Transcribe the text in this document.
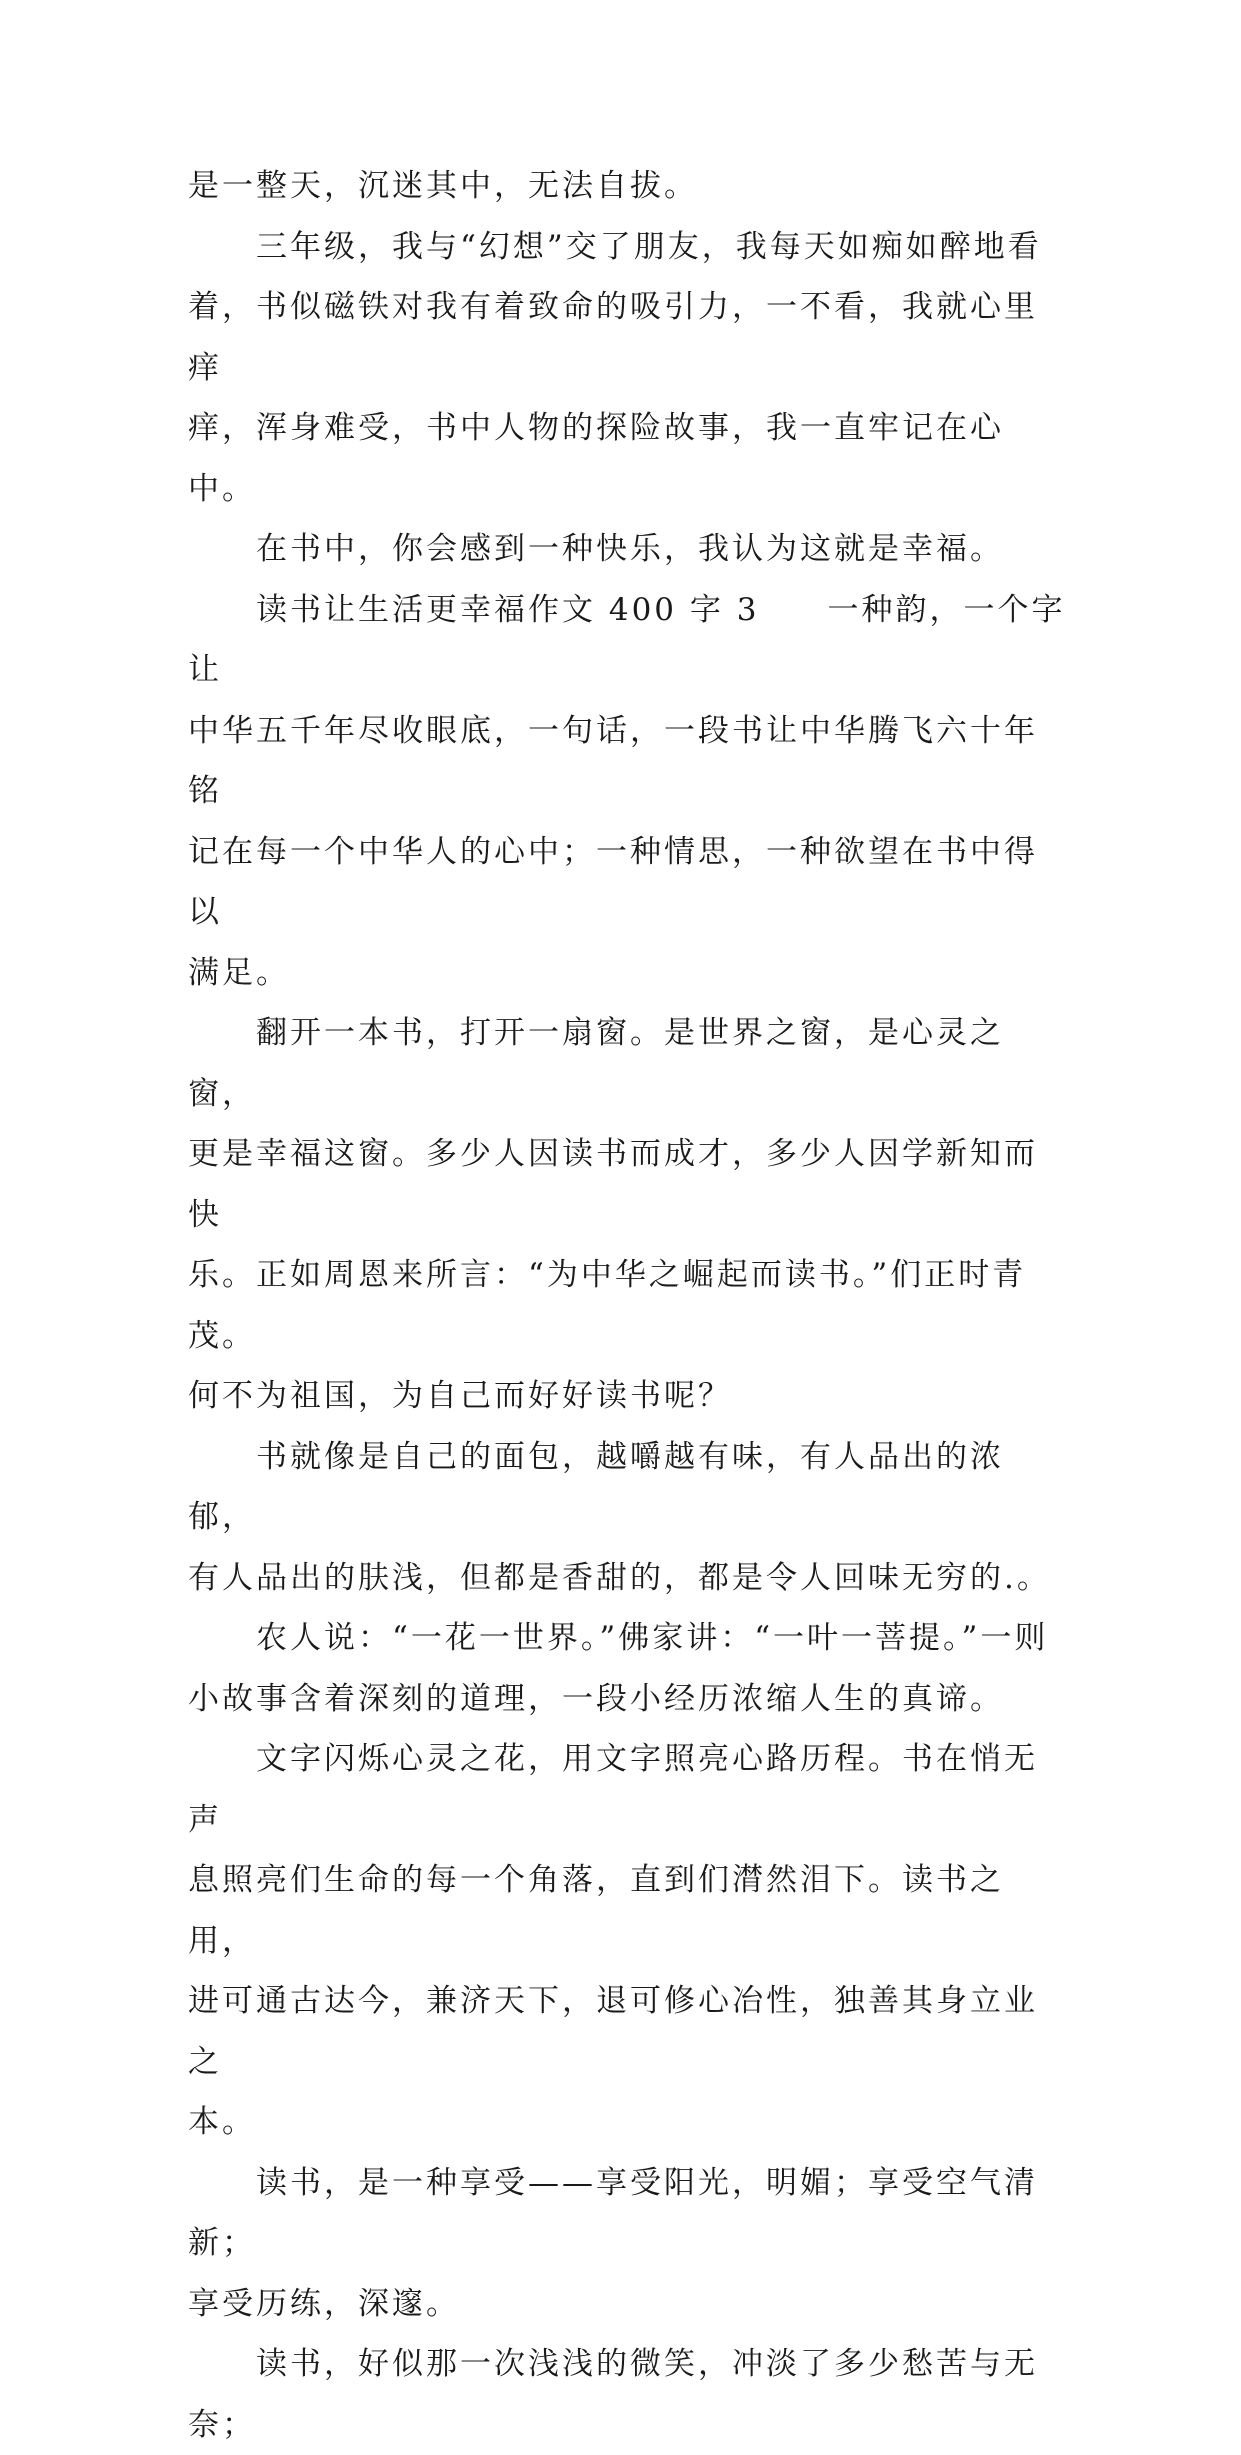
是一整天，沉迷其中，无法自拔。

　　三年级，我与“幻想”交了朋友，我每天如痴如醉地看
着，书似磁铁对我有着致命的吸引力，一不看，我就心里痒
痒，浑身难受，书中人物的探险故事，我一直牢记在心中。

　　在书中，你会感到一种快乐，我认为这就是幸福。

　　读书让生活更幸福作文 400 字 3　　一种韵，一个字让
中华五千年尽收眼底，一句话，一段书让中华腾飞六十年铭
记在每一个中华人的心中；一种情思，一种欲望在书中得以
满足。

　　翻开一本书，打开一扇窗。是世界之窗，是心灵之窗，
更是幸福这窗。多少人因读书而成才，多少人因学新知而快
乐。正如周恩来所言：“为中华之崛起而读书。”们正时青茂。
何不为祖国，为自己而好好读书呢？

　　书就像是自己的面包，越嚼越有味，有人品出的浓郁，
有人品出的肤浅，但都是香甜的，都是令人回味无穷的.。

　　农人说：“一花一世界。”佛家讲：“一叶一菩提。”一则
小故事含着深刻的道理，一段小经历浓缩人生的真谛。

　　文字闪烁心灵之花，用文字照亮心路历程。书在悄无声
息照亮们生命的每一个角落，直到们潸然泪下。读书之用，
进可通古达今，兼济天下，退可修心冶性，独善其身立业之
本。

　　读书，是一种享受——享受阳光，明媚；享受空气清新；
享受历练，深邃。

　　读书，好似那一次浅浅的微笑，冲淡了多少愁苦与无奈；
